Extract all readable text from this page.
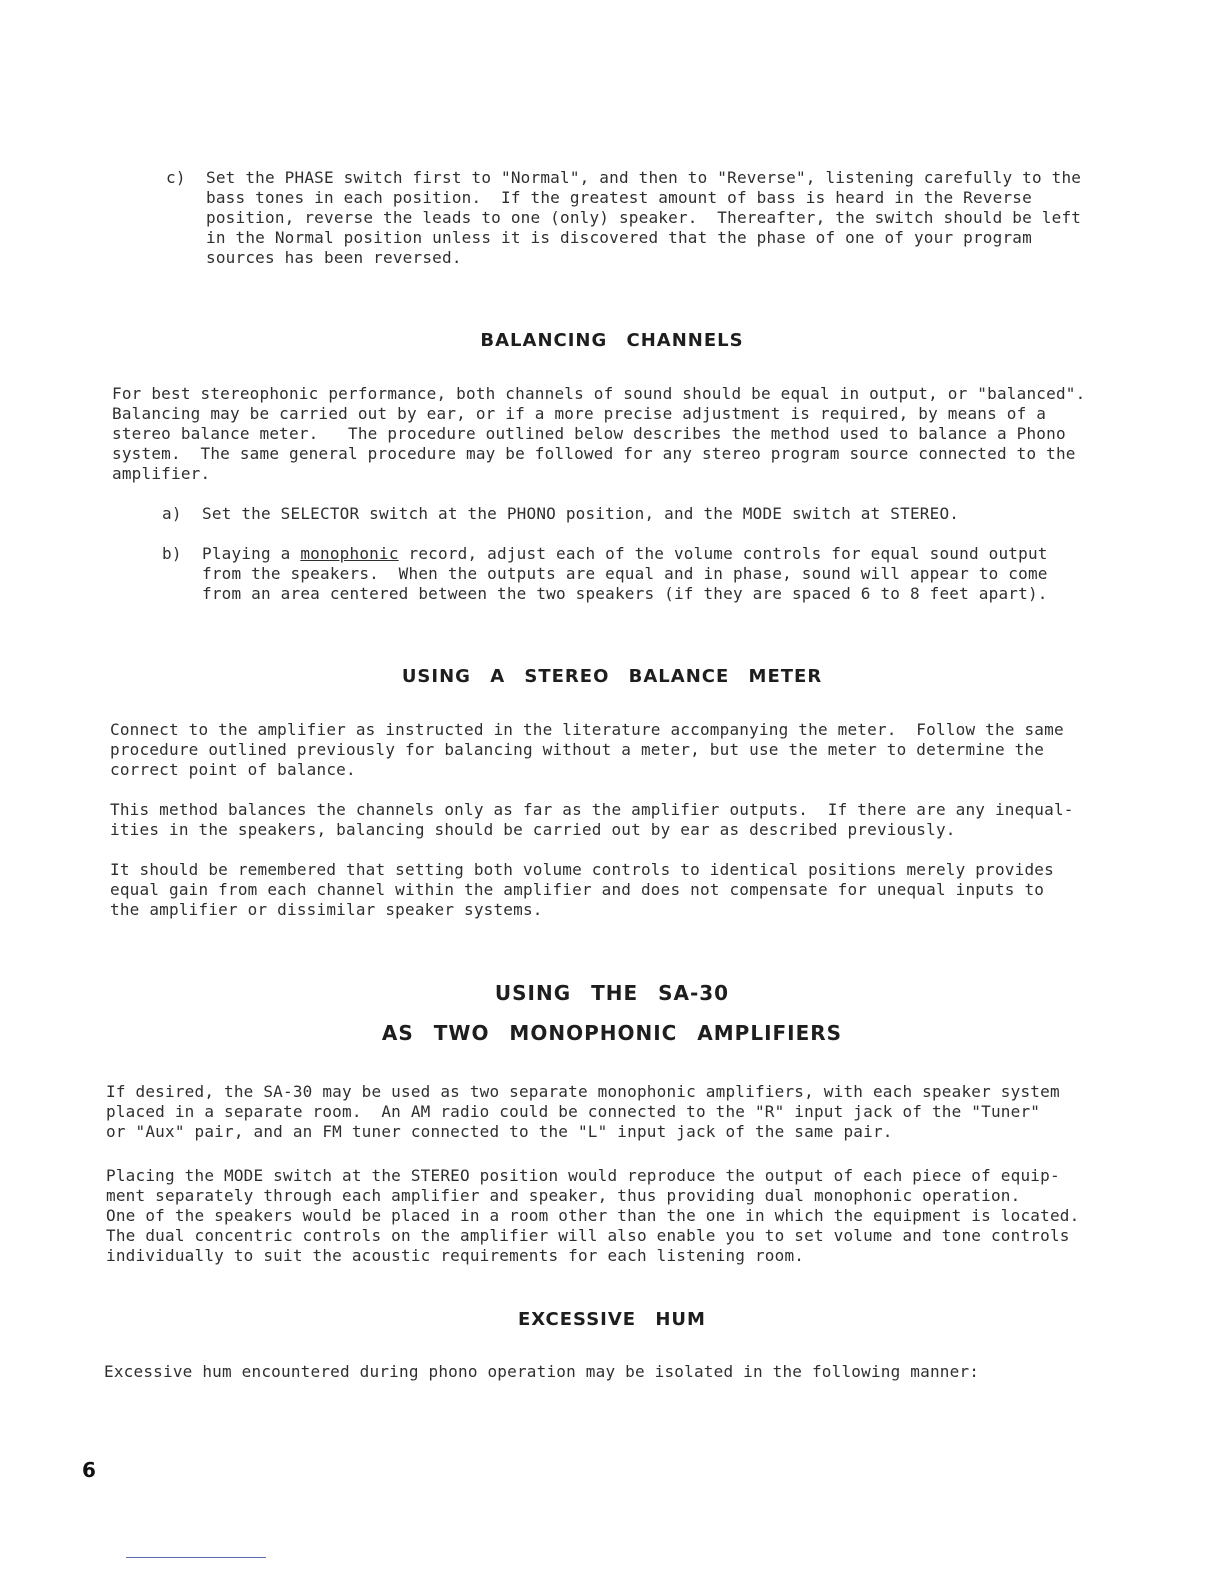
c) Set the PHASE switch first to "Normal", and then to "Reverse", listening carefully to the
bass tones in each position.  If the greatest amount of bass is heard in the Reverse
position, reverse the leads to one (only) speaker.  Thereafter, the switch should be left
in the Normal position unless it is discovered that the phase of one of your program
sources has been reversed.
BALANCING CHANNELS
For best stereophonic performance, both channels of sound should be equal in output, or "balanced".
Balancing may be carried out by ear, or if a more precise adjustment is required, by means of a
stereo balance meter.   The procedure outlined below describes the method used to balance a Phono
system.  The same general procedure may be followed for any stereo program source connected to the
amplifier.
a) Set the SELECTOR switch at the PHONO position, and the MODE switch at STEREO.
b) Playing a monophonic record, adjust each of the volume controls for equal sound output
from the speakers.  When the outputs are equal and in phase, sound will appear to come
from an area centered between the two speakers (if they are spaced 6 to 8 feet apart).
USING A STEREO BALANCE METER
Connect to the amplifier as instructed in the literature accompanying the meter.  Follow the same
procedure outlined previously for balancing without a meter, but use the meter to determine the
correct point of balance.
This method balances the channels only as far as the amplifier outputs.  If there are any inequal-
ities in the speakers, balancing should be carried out by ear as described previously.
It should be remembered that setting both volume controls to identical positions merely provides
equal gain from each channel within the amplifier and does not compensate for unequal inputs to
the amplifier or dissimilar speaker systems.
USING THE SA-30
AS TWO MONOPHONIC AMPLIFIERS
If desired, the SA-30 may be used as two separate monophonic amplifiers, with each speaker system
placed in a separate room.  An AM radio could be connected to the "R" input jack of the "Tuner"
or "Aux" pair, and an FM tuner connected to the "L" input jack of the same pair.
Placing the MODE switch at the STEREO position would reproduce the output of each piece of equip-
ment separately through each amplifier and speaker, thus providing dual monophonic operation.
One of the speakers would be placed in a room other than the one in which the equipment is located.
The dual concentric controls on the amplifier will also enable you to set volume and tone controls
individually to suit the acoustic requirements for each listening room.
EXCESSIVE HUM
Excessive hum encountered during phono operation may be isolated in the following manner:
6
